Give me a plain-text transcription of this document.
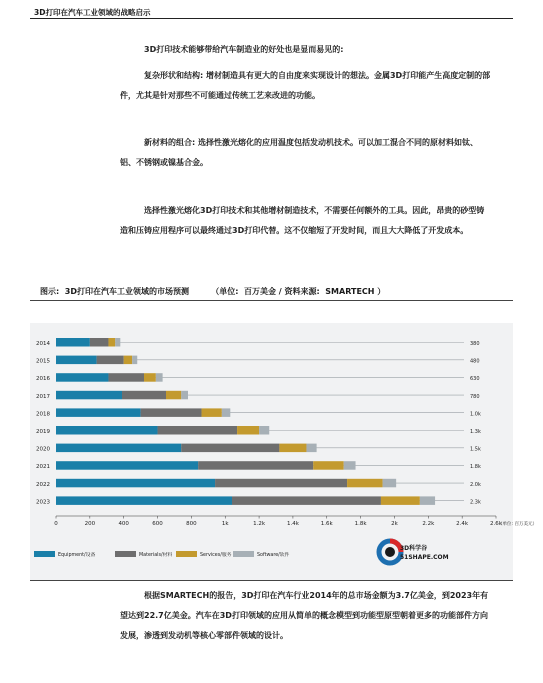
3D打印在汽车工业领域的战略启示
3D打印技术能够带给汽车制造业的好处也是显而易见的:
复杂形状和结构: 增材制造具有更大的自由度来实现设计的想法。金属3D打印能产生高度定制的部件，尤其是针对那些不可能通过传统工艺来改进的功能。
新材料的组合: 选择性激光熔化的应用温度包括发动机技术。可以加工混合不同的原材料如钛、铝、不锈钢或镍基合金。
选择性激光熔化3D打印技术和其他增材制造技术，不需要任何额外的工具。因此，昂贵的砂型铸造和压铸应用程序可以最终通过3D打印代替。这不仅缩短了开发时间，而且大大降低了开发成本。
图示:  3D打印在汽车工业领域的市场预测        （单位:  百万美金 / 资料来源:  SMARTECH ）
2014	380
2015	480
2016	630
2017	780
2018	1.0k
2019	1.3k
2020	1.5k
2021	1.8k
2022	2.0k
2023	2.3k
0	200	400	600	800	1k	1.2k	1.4k	1.6k	1.8k	2k	2.2k	2.4k	2.6k
（单位: 百万美元）
Equipment/设备	Materials/材料	Services/服务	Software/软件
3D科学谷
51SHAPE.COM
根据SMARTECH的报告，3D打印在汽车行业2014年的总市场金额为3.7亿美金，到2023年有望达到22.7亿美金。汽车在3D打印领域的应用从简单的概念模型到功能型原型朝着更多的功能部件方向发展，渗透到发动机等核心零部件领域的设计。
